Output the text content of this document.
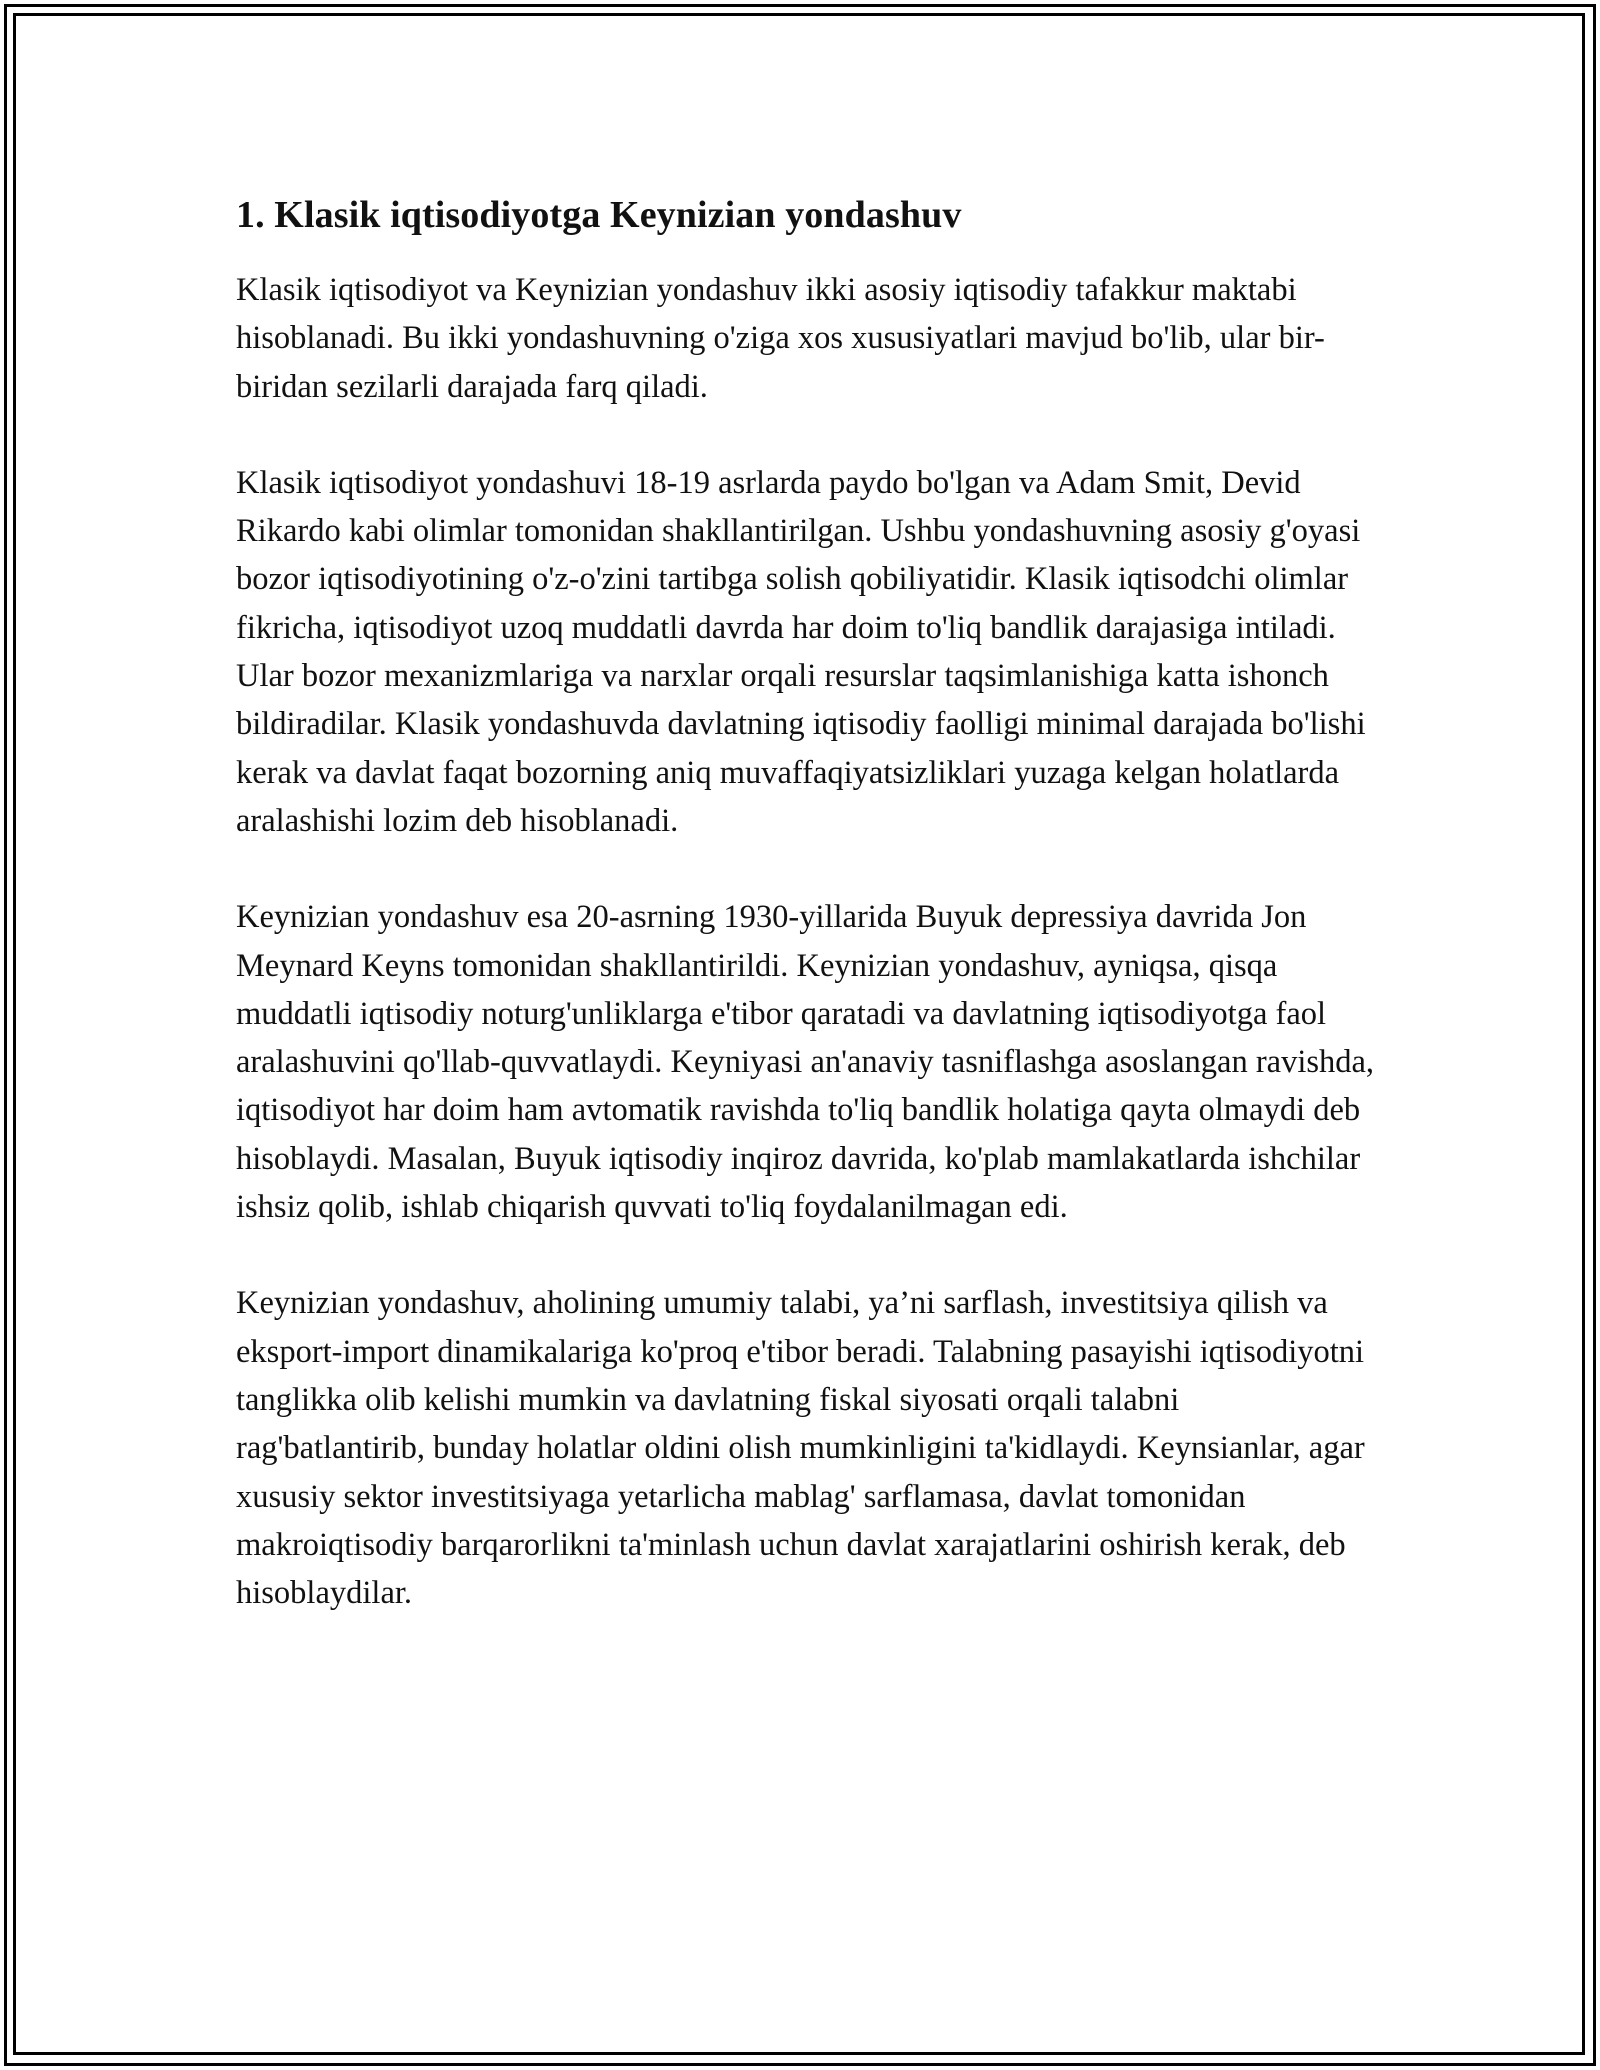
1. Klasik iqtisodiyotga Keynizian yondashuv

Klasik iqtisodiyot va Keynizian yondashuv ikki asosiy iqtisodiy tafakkur maktabi hisoblanadi. Bu ikki yondashuvning o'ziga xos xususiyatlari mavjud bo'lib, ular bir-biridan sezilarli darajada farq qiladi.

Klasik iqtisodiyot yondashuvi 18-19 asrlarda paydo bo'lgan va Adam Smit, Devid Rikardo kabi olimlar tomonidan shakllantirilgan. Ushbu yondashuvning asosiy g'oyasi bozor iqtisodiyotining o'z-o'zini tartibga solish qobiliyatidir. Klasik iqtisodchi olimlar fikricha, iqtisodiyot uzoq muddatli davrda har doim to'liq bandlik darajasiga intiladi. Ular bozor mexanizmlariga va narxlar orqali resurslar taqsimlanishiga katta ishonch bildiradilar. Klasik yondashuvda davlatning iqtisodiy faolligi minimal darajada bo'lishi kerak va davlat faqat bozorning aniq muvaffaqiyatsizliklari yuzaga kelgan holatlarda aralashishi lozim deb hisoblanadi.

Keynizian yondashuv esa 20-asrning 1930-yillarida Buyuk depressiya davrida Jon Meynard Keyns tomonidan shakllantirildi. Keynizian yondashuv, ayniqsa, qisqa muddatli iqtisodiy noturg'unliklarga e'tibor qaratadi va davlatning iqtisodiyotga faol aralashuvini qo'llab-quvvatlaydi. Keyniyasi an'anaviy tasniflashga asoslangan ravishda, iqtisodiyot har doim ham avtomatik ravishda to'liq bandlik holatiga qayta olmaydi deb hisoblaydi. Masalan, Buyuk iqtisodiy inqiroz davrida, ko'plab mamlakatlarda ishchilar ishsiz qolib, ishlab chiqarish quvvati to'liq foydalanilmagan edi.

Keynizian yondashuv, aholining umumiy talabi, ya’ni sarflash, investitsiya qilish va eksport-import dinamikalariga ko'proq e'tibor beradi. Talabning pasayishi iqtisodiyotni tanglikka olib kelishi mumkin va davlatning fiskal siyosati orqali talabni rag'batlantirib, bunday holatlar oldini olish mumkinligini ta'kidlaydi. Keynsianlar, agar xususiy sektor investitsiyaga yetarlicha mablag' sarflamasa, davlat tomonidan makroiqtisodiy barqarorlikni ta'minlash uchun davlat xarajatlarini oshirish kerak, deb hisoblaydilar.
